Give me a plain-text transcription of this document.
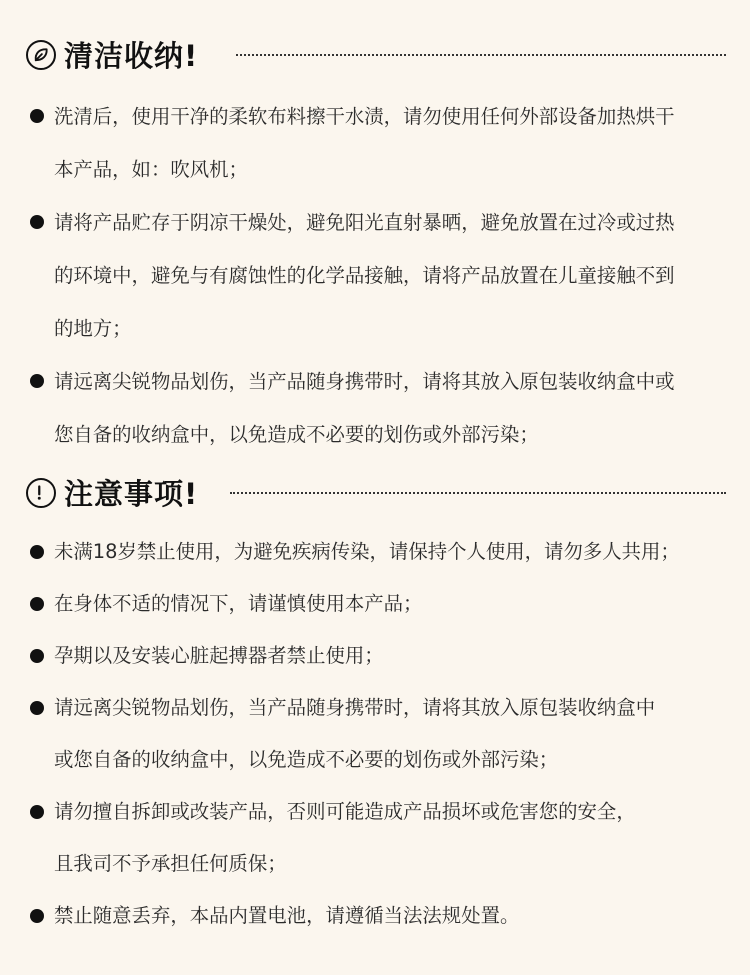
清洁收纳!
洗清后，使用干净的柔软布料擦干水渍，请勿使用任何外部设备加热烘干
本产品，如：吹风机；
请将产品贮存于阴凉干燥处，避免阳光直射暴晒，避免放置在过冷或过热
的环境中，避免与有腐蚀性的化学品接触，请将产品放置在儿童接触不到
的地方；
请远离尖锐物品划伤，当产品随身携带时，请将其放入原包装收纳盒中或
您自备的收纳盒中，以免造成不必要的划伤或外部污染；
注意事项!
未满18岁禁止使用，为避免疾病传染，请保持个人使用，请勿多人共用；
在身体不适的情况下，请谨慎使用本产品；
孕期以及安装心脏起搏器者禁止使用；
请远离尖锐物品划伤，当产品随身携带时，请将其放入原包装收纳盒中
或您自备的收纳盒中，以免造成不必要的划伤或外部污染；
请勿擅自拆卸或改装产品，否则可能造成产品损坏或危害您的安全，
且我司不予承担任何质保；
禁止随意丢弃，本品内置电池，请遵循当法法规处置。
